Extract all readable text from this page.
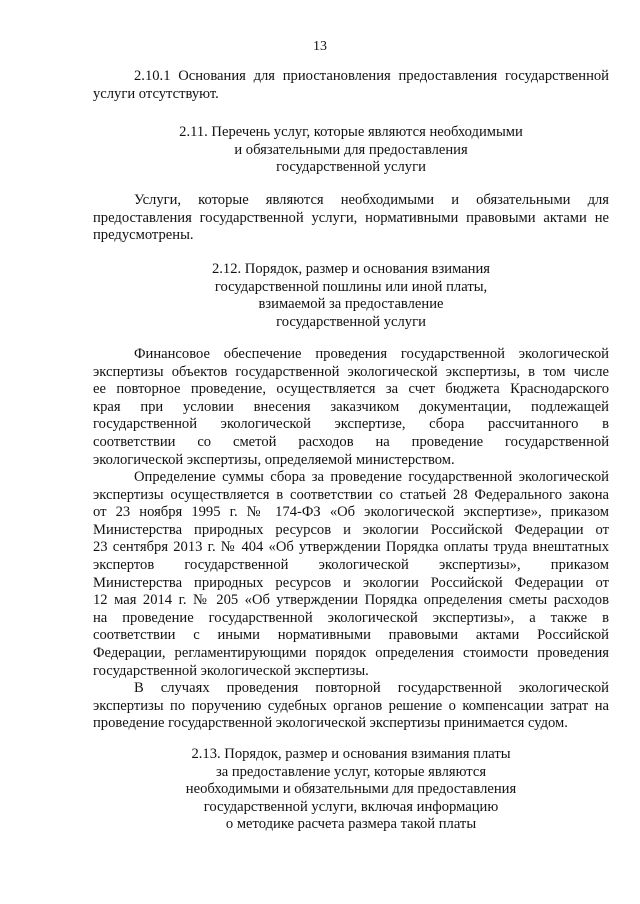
13
2.10.1 Основания для приостановления предоставления государственной
услуги отсутствуют.
2.11. Перечень услуг, которые являются необходимыми
и обязательными для предоставления
государственной услуги
Услуги, которые являются необходимыми и обязательными для
предоставления государственной услуги, нормативными правовыми актами не
предусмотрены.
2.12. Порядок, размер и основания взимания
государственной пошлины или иной платы,
взимаемой за предоставление
государственной услуги
Финансовое обеспечение проведения государственной экологической
экспертизы объектов государственной экологической экспертизы, в том числе
ее повторное проведение, осуществляется за счет бюджета Краснодарского
края при условии внесения заказчиком документации, подлежащей
государственной экологической экспертизе, сбора рассчитанного в
соответствии со сметой расходов на проведение государственной
экологической экспертизы, определяемой министерством.
Определение суммы сбора за проведение государственной экологической
экспертизы осуществляется в соответствии со статьей 28 Федерального закона
от 23 ноября 1995 г. № 174-ФЗ «Об экологической экспертизе», приказом
Министерства природных ресурсов и экологии Российской Федерации от
23 сентября 2013 г. № 404 «Об утверждении Порядка оплаты труда внештатных
экспертов государственной экологической экспертизы», приказом
Министерства природных ресурсов и экологии Российской Федерации от
12 мая 2014 г. № 205 «Об утверждении Порядка определения сметы расходов
на проведение государственной экологической экспертизы», а также в
соответствии с иными нормативными правовыми актами Российской
Федерации, регламентирующими порядок определения стоимости проведения
государственной экологической экспертизы.
В случаях проведения повторной государственной экологической
экспертизы по поручению судебных органов решение о компенсации затрат на
проведение государственной экологической экспертизы принимается судом.
2.13. Порядок, размер и основания взимания платы
за предоставление услуг, которые являются
необходимыми и обязательными для предоставления
государственной услуги, включая информацию
о методике расчета размера такой платы
